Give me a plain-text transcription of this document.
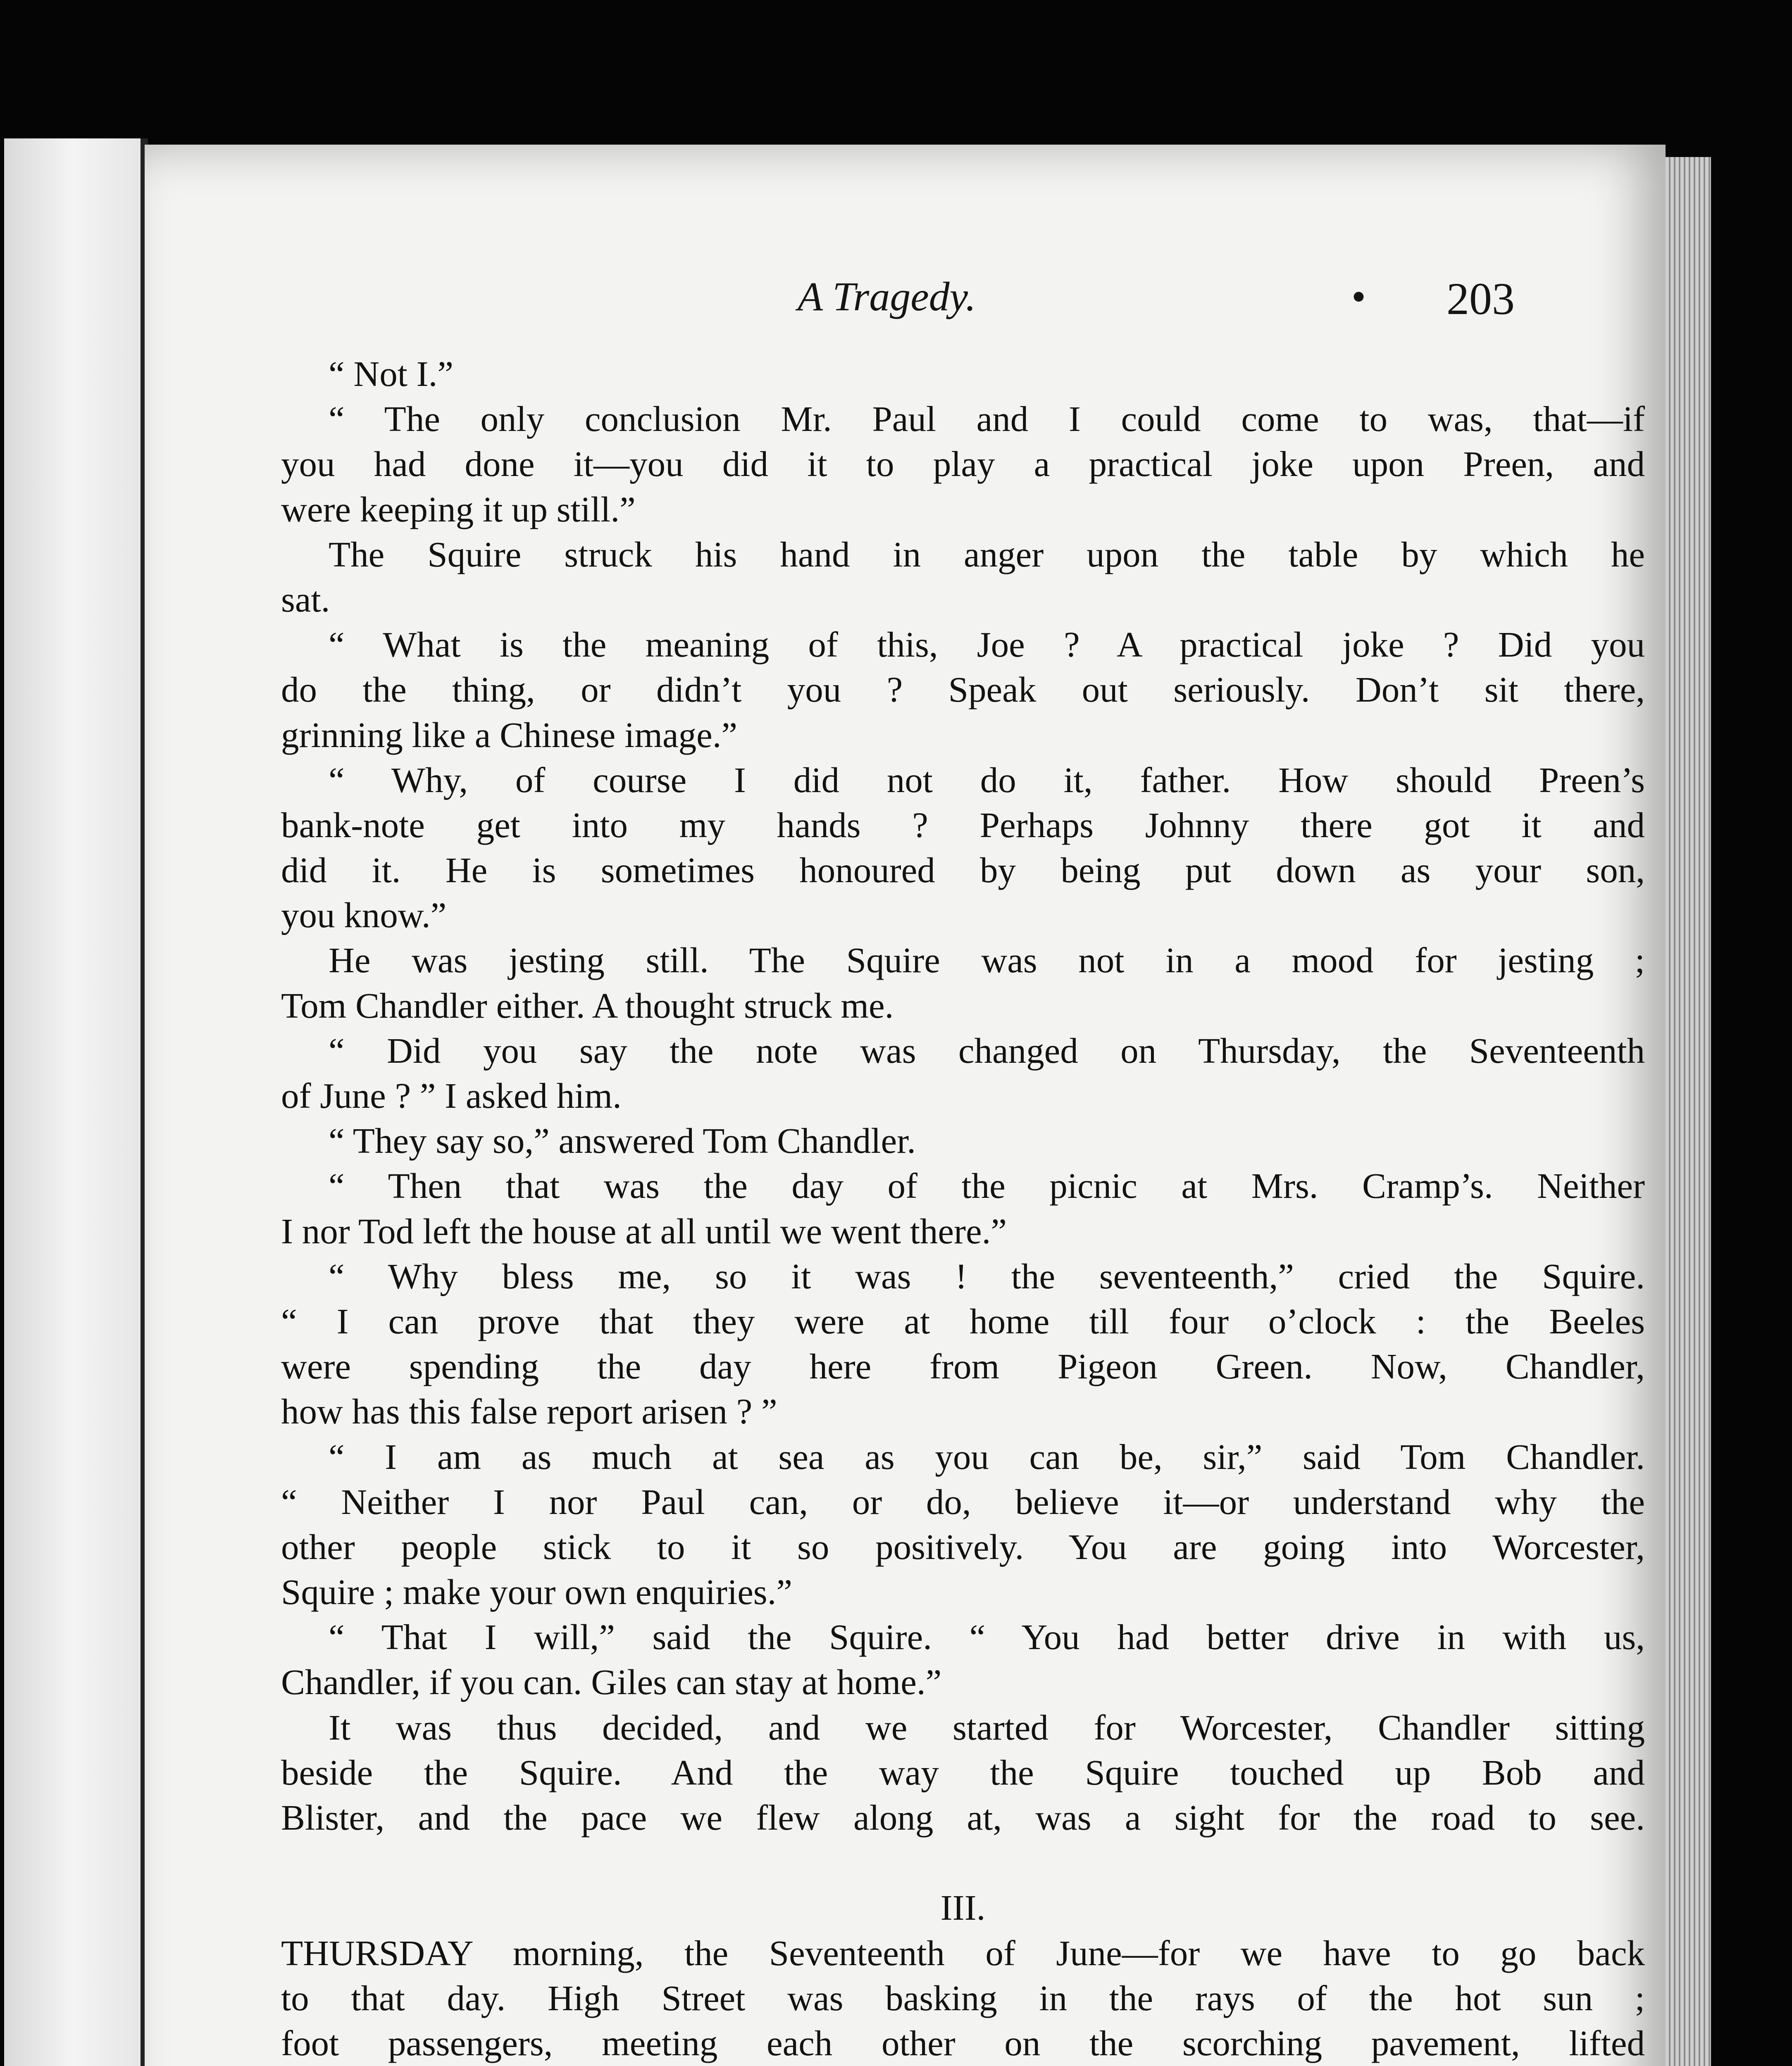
A Tragedy.	• 203
“ Not I.”
“ The only conclusion Mr. Paul and I could come to was, that—if
you had done it—you did it to play a practical joke upon Preen, and
were keeping it up still.”
The Squire struck his hand in anger upon the table by which he
sat.
“ What is the meaning of this, Joe ? A practical joke ? Did you
do the thing, or didn’t you ? Speak out seriously. Don’t sit there,
grinning like a Chinese image.”
“ Why, of course I did not do it, father. How should Preen’s
bank-note get into my hands ? Perhaps Johnny there got it and
did it. He is sometimes honoured by being put down as your son,
you know.”
He was jesting still. The Squire was not in a mood for jesting ;
Tom Chandler either. A thought struck me.
“ Did you say the note was changed on Thursday, the Seventeenth
of June ? ” I asked him.
“ They say so,” answered Tom Chandler.
“ Then that was the day of the picnic at Mrs. Cramp’s. Neither
I nor Tod left the house at all until we went there.”
“ Why bless me, so it was ! the seventeenth,” cried the Squire.
“ I can prove that they were at home till four o’clock : the Beeles
were spending the day here from Pigeon Green. Now, Chandler,
how has this false report arisen ? ”
“ I am as much at sea as you can be, sir,” said Tom Chandler.
“ Neither I nor Paul can, or do, believe it—or understand why the
other people stick to it so positively. You are going into Worcester,
Squire ; make your own enquiries.”
“ That I will,” said the Squire. “ You had better drive in with us,
Chandler, if you can. Giles can stay at home.”
It was thus decided, and we started for Worcester, Chandler sitting
beside the Squire. And the way the Squire touched up Bob and
Blister, and the pace we flew along at, was a sight for the road to see.
III.
THURSDAY morning, the Seventeenth of June—for we have to go back
to that day. High Street was basking in the rays of the hot sun ;
foot passengers, meeting each other on the scorching pavement, lifted
